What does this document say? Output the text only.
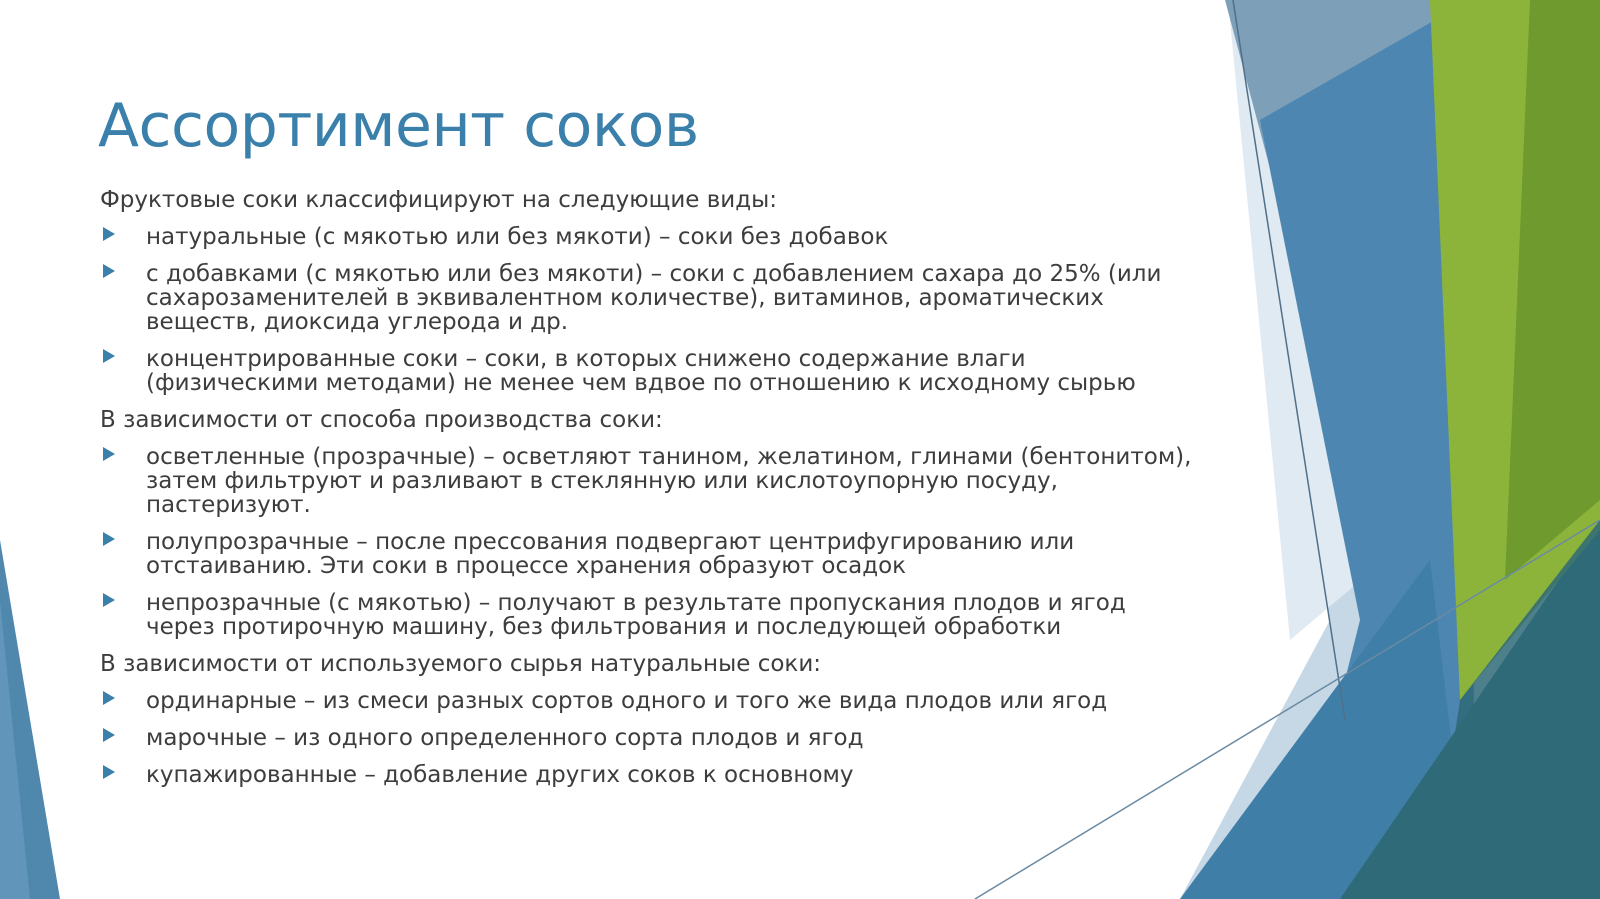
Ассортимент соков
Фруктовые соки классифицируют на следующие виды:
натуральные (с мякотью или без мякоти) – соки без добавок
с добавками (с мякотью или без мякоти) – соки с добавлением сахара до 25% (или сахарозаменителей в эквивалентном количестве), витаминов, ароматических веществ, диоксида углерода и др.
концентрированные соки – соки, в которых снижено содержание влаги (физическими методами) не менее чем вдвое по отношению к исходному сырью
В зависимости от способа производства соки:
осветленные (прозрачные) – осветляют танином, желатином, глинами (бентонитом), затем фильтруют и разливают в стеклянную или кислотоупорную посуду, пастеризуют.
полупрозрачные – после прессования подвергают центрифугированию или отстаиванию. Эти соки в процессе хранения образуют осадок
непрозрачные (с мякотью) – получают в результате пропускания плодов и ягод через протирочную машину, без фильтрования и последующей обработки
В зависимости от используемого сырья натуральные соки:
ординарные – из смеси разных сортов одного и того же вида плодов или ягод
марочные – из одного определенного сорта плодов и ягод
купажированные – добавление других соков к основному
